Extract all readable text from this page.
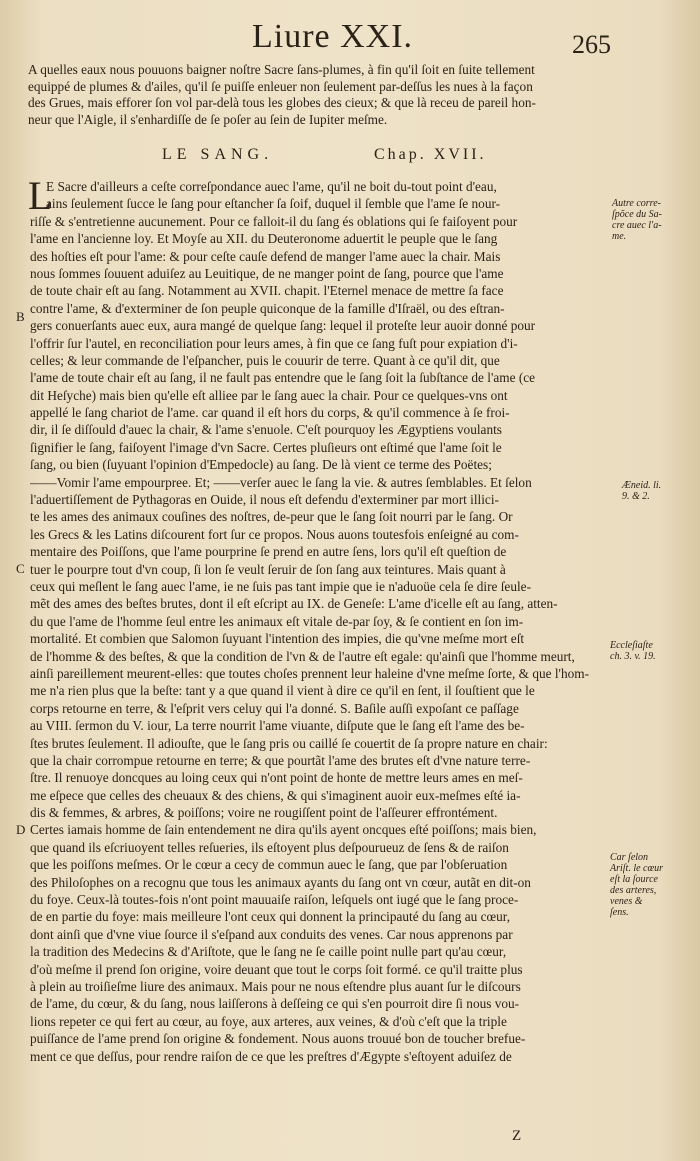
Liure XXI.	265
A quelles eaux nous pouuons baigner noſtre Sacre ſans-plumes, à fin qu'il ſoit en ſuite tellement
equippé de plumes & d'ailes, qu'il ſe puiſſe enleuer non ſeulement par-deſſus les nues à la façon
des Grues, mais efforer ſon vol par-delà tous les globes des cieux; & que là receu de pareil hon-
neur que l'Aigle, il s'enhardiſſe de ſe poſer au ſein de Iupiter meſme.
LE SANG.	Chap. XVII.
L
B
C
D
E Sacre d'ailleurs a ceſte correſpondance auec l'ame, qu'il ne boit du-tout point d'eau,
ains ſeulement ſucce le ſang pour eſtancher ſa ſoif, duquel il ſemble que l'ame ſe nour-
riſſe & s'entretienne aucunement. Pour ce falloit-il du ſang és oblations qui ſe faiſoyent pour
l'ame en l'ancienne loy. Et Moyſe au XII. du Deuteronome aduertit le peuple que le ſang
des hoſties eſt pour l'ame: & pour ceſte cauſe defend de manger l'ame auec la chair. Mais
nous ſommes ſouuent aduiſez au Leuitique, de ne manger point de ſang, pource que l'ame
de toute chair eſt au ſang. Notamment au XVII. chapit. l'Eternel menace de mettre ſa face
contre l'ame, & d'exterminer de ſon peuple quiconque de la famille d'Iſraël, ou des eſtran-
gers conuerſants auec eux, aura mangé de quelque ſang: lequel il proteſte leur auoir donné pour
l'offrir ſur l'autel, en reconciliation pour leurs ames, à fin que ce ſang fuſt pour expiation d'i-
celles; & leur commande de l'eſpancher, puis le couurir de terre. Quant à ce qu'il dit, que
l'ame de toute chair eſt au ſang, il ne fault pas entendre que le ſang ſoit la ſubſtance de l'ame (ce
dit Heſyche) mais bien qu'elle eſt alliee par le ſang auec la chair. Pour ce quelques-vns ont
appellé le ſang chariot de l'ame. car quand il eſt hors du corps, & qu'il commence à ſe froi-
dir, il ſe diſſould d'auec la chair, & l'ame s'enuole. C'eſt pourquoy les Ægyptiens voulants
ſignifier le ſang, faiſoyent l'image d'vn Sacre. Certes pluſieurs ont eſtimé que l'ame ſoit le
ſang, ou bien (ſuyuant l'opinion d'Empedocle) au ſang. De là vient ce terme des Poëtes;
——Vomir l'ame empourpree. Et; ——verſer auec le ſang la vie. & autres ſemblables. Et ſelon
l'aduertiſſement de Pythagoras en Ouide, il nous eſt defendu d'exterminer par mort illici-
te les ames des animaux couſines des noſtres, de-peur que le ſang ſoit nourri par le ſang. Or
les Grecs & les Latins diſcourent fort ſur ce propos. Nous auons toutesfois enſeigné au com-
mentaire des Poiſſons, que l'ame pourprine ſe prend en autre ſens, lors qu'il eſt queſtion de
tuer le pourpre tout d'vn coup, ſi lon ſe veult ſeruir de ſon ſang aux teintures. Mais quant à
ceux qui meſlent le ſang auec l'ame, ie ne ſuis pas tant impie que ie n'aduoüe cela ſe dire ſeule-
mẽt des ames des beſtes brutes, dont il eſt eſcript au IX. de Geneſe: L'ame d'icelle eſt au ſang, atten-
du que l'ame de l'homme ſeul entre les animaux eſt vitale de-par ſoy, & ſe contient en ſon im-
mortalité. Et combien que Salomon ſuyuant l'intention des impies, die qu'vne meſme mort eſt
de l'homme & des beſtes, & que la condition de l'vn & de l'autre eſt egale: qu'ainſi que l'homme meurt,
ainſi pareillement meurent-elles: que toutes choſes prennent leur haleine d'vne meſme ſorte, & que l'hom-
me n'a rien plus que la beſte: tant y a que quand il vient à dire ce qu'il en ſent, il ſouſtient que le
corps retourne en terre, & l'eſprit vers celuy qui l'a donné. S. Baſile auſſi expoſant ce paſſage
au VIII. ſermon du V. iour, La terre nourrit l'ame viuante, diſpute que le ſang eſt l'ame des be-
ſtes brutes ſeulement. Il adiouſte, que le ſang pris ou caillé ſe couertit de ſa propre nature en chair:
que la chair corrompue retourne en terre; & que pourtãt l'ame des brutes eſt d'vne nature terre-
ſtre. Il renuoye doncques au loing ceux qui n'ont point de honte de mettre leurs ames en meſ-
me eſpece que celles des cheuaux & des chiens, & qui s'imaginent auoir eux-meſmes eſté ia-
dis & femmes, & arbres, & poiſſons; voire ne rougiſſent point de l'aſſeurer effrontément.
Certes iamais homme de ſain entendement ne dira qu'ils ayent oncques eſté poiſſons; mais bien,
que quand ils eſcriuoyent telles reſueries, ils eſtoyent plus deſpourueuz de ſens & de raiſon
que les poiſſons meſmes. Or le cœur a cecy de commun auec le ſang, que par l'obſeruation
des Philoſophes on a recognu que tous les animaux ayants du ſang ont vn cœur, autãt en dit-on
du foye. Ceux-là toutes-fois n'ont point mauuaiſe raiſon, leſquels ont iugé que le ſang proce-
de en partie du foye: mais meilleure l'ont ceux qui donnent la principauté du ſang au cœur,
dont ainſi que d'vne viue ſource il s'eſpand aux conduits des venes. Car nous apprenons par
la tradition des Medecins & d'Ariſtote, que le ſang ne ſe caille point nulle part qu'au cœur,
d'où meſme il prend ſon origine, voire deuant que tout le corps ſoit formé. ce qu'il traitte plus
à plein au troiſieſme liure des animaux. Mais pour ne nous eſtendre plus auant ſur le diſcours
de l'ame, du cœur, & du ſang, nous laiſſerons à deſſeing ce qui s'en pourroit dire ſi nous vou-
lions repeter ce qui fert au cœur, au foye, aux arteres, aux veines, & d'où c'eſt que la triple
puiſſance de l'ame prend ſon origine & fondement. Nous auons trouué bon de toucher brefue-
ment ce que deſſus, pour rendre raiſon de ce que les preſtres d'Ægypte s'eſtoyent aduiſez de
Autre corre-
ſpõce du Sa-
cre auec l'a-
me.
Æneid. li.
9. & 2.
Eccleſiaſte
ch. 3. v. 19.
Car ſelon
Ariſt. le cœur
eſt la ſource
des arteres,
venes &
ſens.
Z
